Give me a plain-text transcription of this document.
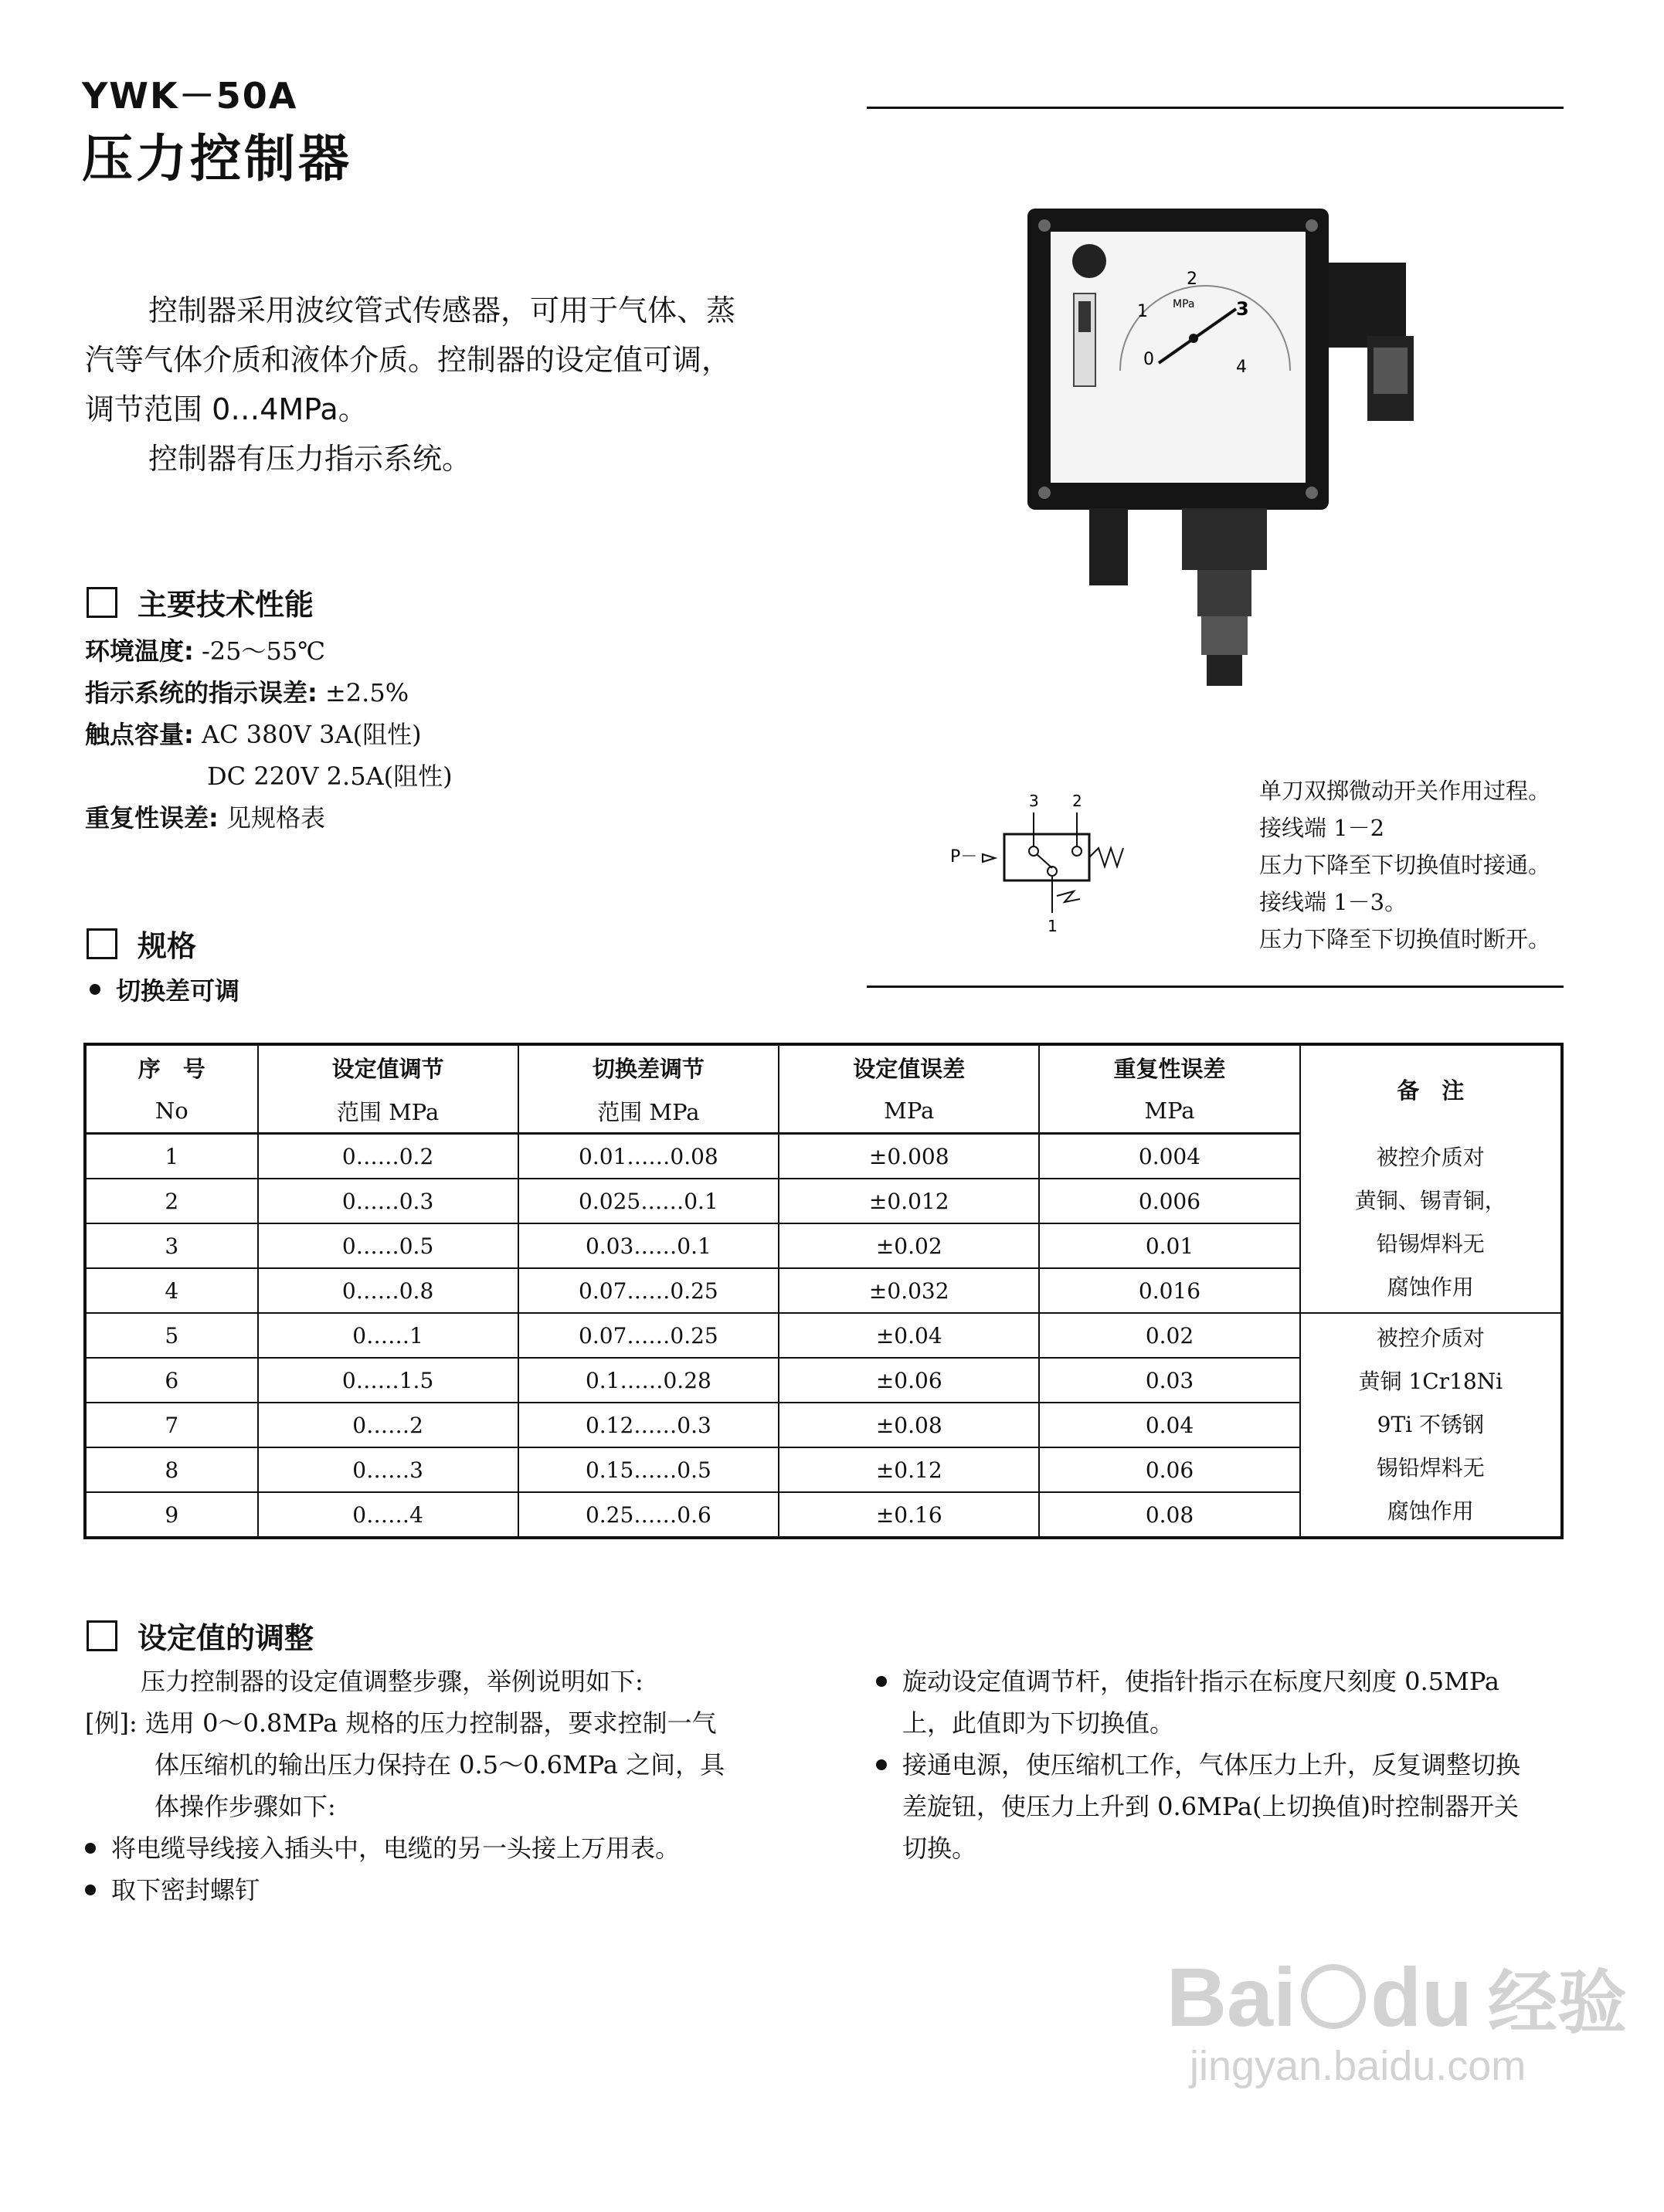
YWK－50A
压力控制器

控制器采用波纹管式传感器，可用于气体、蒸

汽等气体介质和液体介质。控制器的设定值可调，

调节范围 0…4MPa。

控制器有压力指示系统。

0
1
2
3
4
MPa
主要技术性能
环境温度: -25～55℃
指示系统的指示误差: ±2.5%
触点容量: AC 380V 3A(阻性)
DC 220V 2.5A(阻性)
重复性误差: 见规格表
P－
3 2
1
单刀双掷微动开关作用过程。
接线端 1－2
压力下降至下切换值时接通。
接线端 1－3。
压力下降至下切换值时断开。
规格
切换差可调
序　号	设定值调节	切换差调节	设定值误差	重复性误差	备　注
No	范围 MPa	范围 MPa	MPa	MPa	
1	0……0.2	0.01……0.08	±0.008	0.004	被控介质对
黄铜、锡青铜，
铅锡焊料无
腐蚀作用

2	0……0.3	0.025……0.1	±0.012	0.006	
3	0……0.5	0.03……0.1	±0.02	0.01	
4	0……0.8	0.07……0.25	±0.032	0.016	
5	0……1	0.07……0.25	±0.04	0.02	被控介质对
黄铜 1Cr18Ni
9Ti 不锈钢
锡铅焊料无
腐蚀作用

6	0……1.5	0.1……0.28	±0.06	0.03	
7	0……2	0.12……0.3	±0.08	0.04	
8	0……3	0.15……0.5	±0.12	0.06	
9	0……4	0.25……0.6	±0.16	0.08	
设定值的调整

压力控制器的设定值调整步骤，举例说明如下:

[例]: 选用 0～0.8MPa 规格的压力控制器，要求控制一气

体压缩机的输出压力保持在 0.5～0.6MPa 之间，具

体操作步骤如下:

将电缆导线接入插头中，电缆的另一头接上万用表。

取下密封螺钉

旋动设定值调节杆，使指针指示在标度尺刻度 0.5MPa

上，此值即为下切换值。

接通电源，使压缩机工作，气体压力上升，反复调整切换

差旋钮，使压力上升到 0.6MPa(上切换值)时控制器开关

切换。

Bai du 经验
jingyan.baidu.com
